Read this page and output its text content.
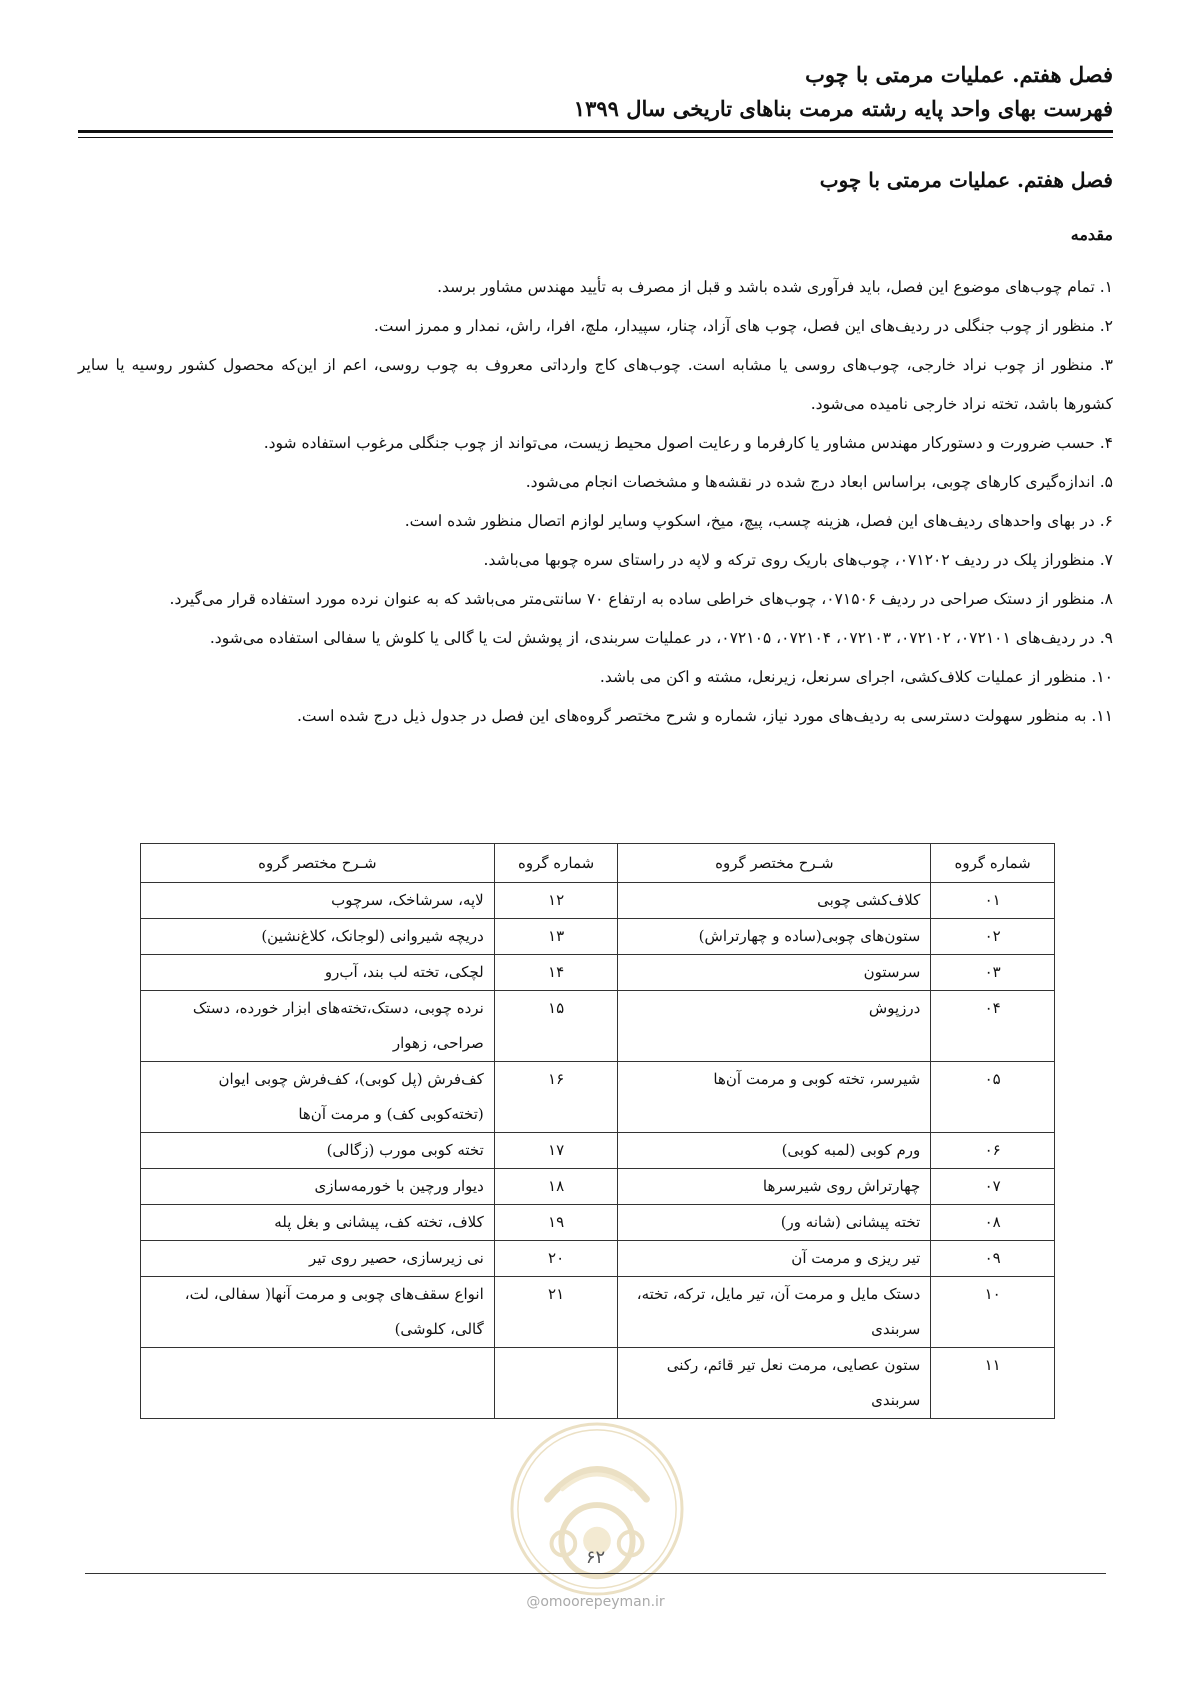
فصل هفتم. عملیات مرمتی با چوب
فهرست بهای واحد پایه رشته مرمت بناهای تاریخی سال ۱۳۹۹
فصل هفتم. عملیات مرمتی با چوب
مقدمه

۱. تمام چوب‌های موضوع این فصل، باید فرآوری شده باشد و قبل از مصرف به تأیید مهندس مشاور برسد.

۲. منظور از چوب جنگلی در ردیف‌های این فصل، چوب های آزاد، چنار، سپیدار، ملچ، افرا، راش، نمدار و ممرز است.

۳. منظور از چوب نراد خارجی، چوب‌های روسی یا مشابه است. چوب‌های کاج وارداتی معروف به چوب روسی، اعم از این‌که محصول کشور روسیه یا سایر کشورها باشد، تخته نراد خارجی نامیده می‌شود.

۴. حسب ضرورت و دستورکار مهندس مشاور یا کارفرما و رعایت اصول محیط زیست، می‌تواند از چوب جنگلی مرغوب استفاده شود.

۵. اندازه‌گیری کارهای چوبی، براساس ابعاد درج شده در نقشه‌ها و مشخصات انجام می‌شود.

۶. در بهای واحدهای ردیف‌های این فصل، هزینه چسب، پیچ، میخ، اسکوپ وسایر لوازم اتصال منظور شده است.

۷. منظوراز پلک در ردیف ۰۷۱۲۰۲، چوب‌های باریک روی ترکه و لاپه در راستای سره چوبها می‌باشد.

۸. منظور از دستک صراحی در ردیف ۰۷۱۵۰۶، چوب‌های خراطی ساده به ارتفاع ۷۰ سانتی‌متر می‌باشد که به عنوان نرده مورد استفاده قرار می‌گیرد.

۹. در ردیف‌های ۰۷۲۱۰۱، ۰۷۲۱۰۲، ۰۷۲۱۰۳، ۰۷۲۱۰۴، ۰۷۲۱۰۵، در عملیات سربندی، از پوشش لت یا گالی یا کلوش یا سفالی استفاده می‌شود.

۱۰. منظور از عملیات کلاف‌کشی، اجرای سرنعل، زیرنعل، مشته و اکن می باشد.

۱۱. به منظور سهولت دسترسی به ردیف‌های مورد نیاز، شماره و شرح مختصر گروه‌های این فصل در جدول ذیل درج شده است.

شماره گروه	شـرح مختصر گروه	شماره گروه	شـرح مختصر گروه
۰۱	کلاف‌کشی چوبی	۱۲	لاپه، سرشاخک، سرچوب
۰۲	ستون‌های چوبی(ساده و چهارتراش)	۱۳	دریچه شیروانی (لوجانک، کلاغ‌نشین)
۰۳	سرستون	۱۴	لچکی، تخته لب بند، آب‌رو
۰۴	درزپوش	۱۵	نرده چوبی، دستک،تخته‌های ابزار خورده، دستک صراحی، زهوار
۰۵	شیرسر، تخته کوبی و مرمت آن‌ها	۱۶	کف‌فرش (پل کوبی)، کف‌فرش چوبی ایوان (تخته‌کوبی کف) و مرمت آن‌ها
۰۶	ورم کوبی (لمبه کوبی)	۱۷	تخته کوبی مورب (زگالی)
۰۷	چهارتراش روی شیرسرها	۱۸	دیوار ورچین با خورمه‌سازی
۰۸	تخته پیشانی (شانه ور)	۱۹	کلاف، تخته کف، پیشانی و بغل پله
۰۹	تیر ریزی و مرمت آن	۲۰	نی زیرسازی، حصیر روی تیر
۱۰	دستک مایل و مرمت آن، تیر مایل، ترکه، تخته، سربندی	۲۱	انواع سقف‌های چوبی و مرمت آنها( سفالی، لت، گالی، کلوشی)
۱۱	ستون عصایی، مرمت نعل تیر قائم، رکنی سربندی		
۶۲
@omoorepeyman.ir
